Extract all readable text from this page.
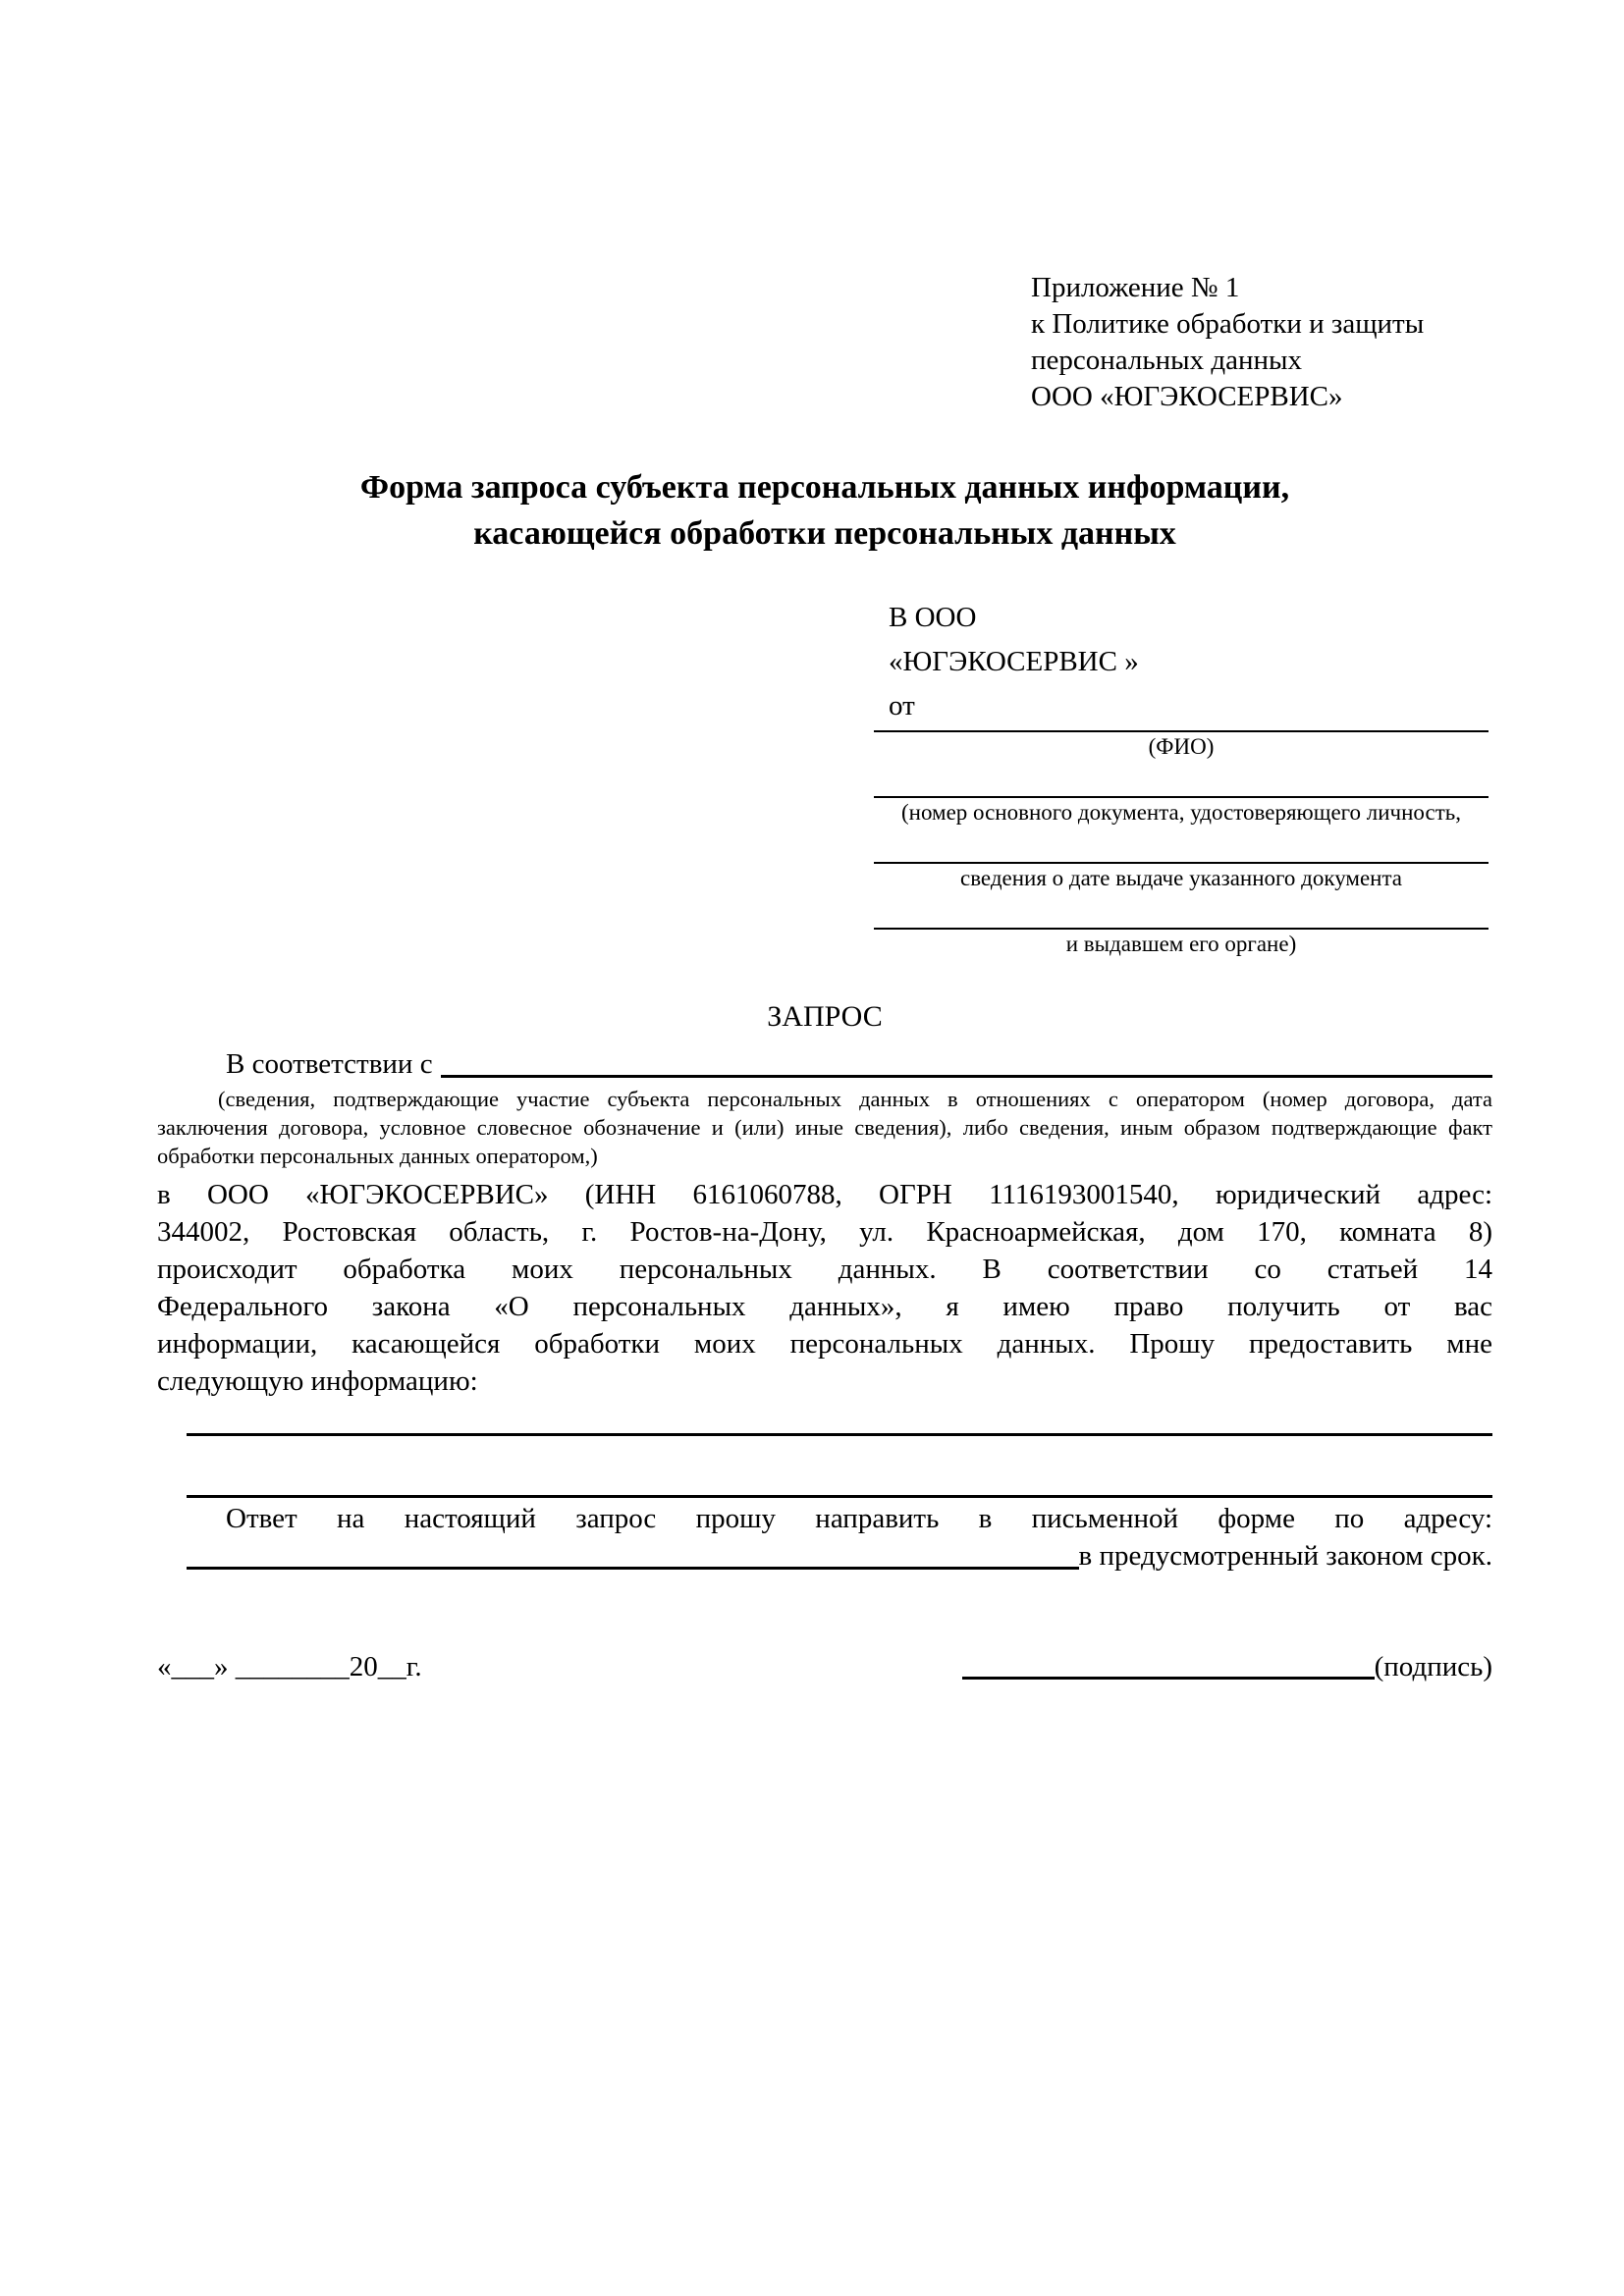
Приложение № 1
к Политике обработки и защиты
персональных данных
ООО «ЮГЭКОСЕРВИС»
Форма запроса субъекта персональных данных информации,
касающейся обработки персональных данных
В ООО
«ЮГЭКОСЕРВИС »
от
(ФИО)
(номер основного документа, удостоверяющего личность,
сведения о дате выдаче указанного документа
и выдавшем его органе)
ЗАПРОС
В соответствии с
(сведения, подтверждающие участие субъекта персональных данных в отношениях с оператором (номер договора, дата
заключения договора, условное словесное обозначение и (или) иные сведения), либо сведения, иным образом подтверждающие факт
обработки персональных данных оператором,)
в ООО «ЮГЭКОСЕРВИС» (ИНН 6161060788, ОГРН 1116193001540, юридический адрес:
344002, Ростовская область, г. Ростов-на-Дону, ул. Красноармейская, дом 170, комната 8)
происходит обработка моих персональных данных. В соответствии со статьей 14
Федерального закона «О персональных данных», я имею право получить от вас
информации, касающейся обработки моих персональных данных. Прошу предоставить мне
следующую информацию:
Ответ на настоящий запрос прошу направить в письменной форме по адресу:
в предусмотренный законом срок.
«___» ________20__г.	(подпись)
